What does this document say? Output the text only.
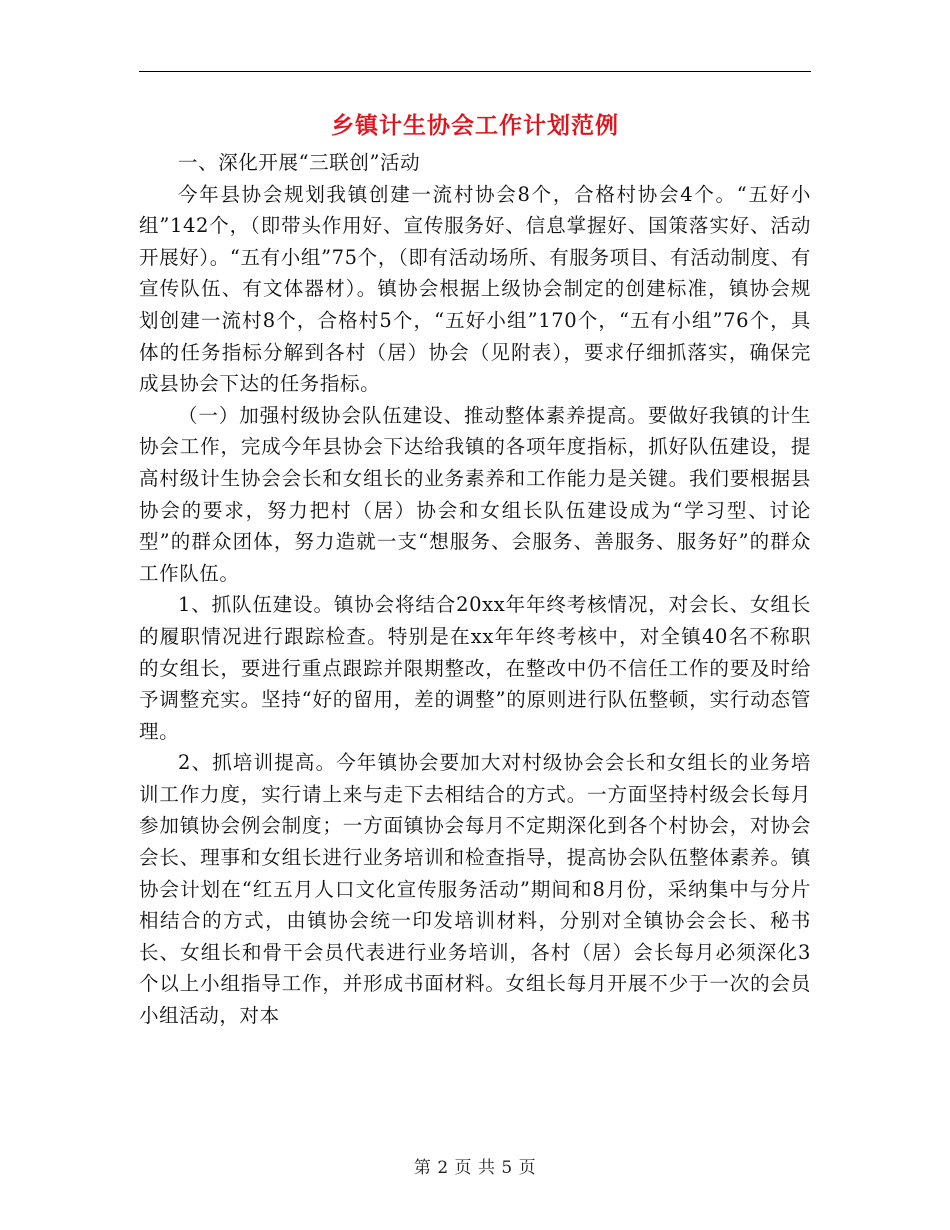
乡镇计生协会工作计划范例

一、深化开展“三联创”活动

今年县协会规划我镇创建一流村协会8个，合格村协会4个。“五好小组”142个，（即带头作用好、宣传服务好、信息掌握好、国策落实好、活动开展好）。“五有小组”75个，（即有活动场所、有服务项目、有活动制度、有宣传队伍、有文体器材）。镇协会根据上级协会制定的创建标准，镇协会规划创建一流村8个，合格村5个，“五好小组”170个，“五有小组”76个，具体的任务指标分解到各村（居）协会（见附表），要求仔细抓落实，确保完成县协会下达的任务指标。

（一）加强村级协会队伍建设、推动整体素养提高。要做好我镇的计生协会工作，完成今年县协会下达给我镇的各项年度指标，抓好队伍建设，提高村级计生协会会长和女组长的业务素养和工作能力是关键。我们要根据县协会的要求，努力把村（居）协会和女组长队伍建设成为“学习型、讨论型”的群众团体，努力造就一支“想服务、会服务、善服务、服务好”的群众工作队伍。

1、抓队伍建设。镇协会将结合20xx年年终考核情况，对会长、女组长的履职情况进行跟踪检查。特别是在xx年年终考核中，对全镇40名不称职的女组长，要进行重点跟踪并限期整改，在整改中仍不信任工作的要及时给予调整充实。坚持“好的留用，差的调整”的原则进行队伍整顿，实行动态管理。

2、抓培训提高。今年镇协会要加大对村级协会会长和女组长的业务培训工作力度，实行请上来与走下去相结合的方式。一方面坚持村级会长每月参加镇协会例会制度；一方面镇协会每月不定期深化到各个村协会，对协会会长、理事和女组长进行业务培训和检查指导，提高协会队伍整体素养。镇协会计划在“红五月人口文化宣传服务活动”期间和8月份，采纳集中与分片相结合的方式，由镇协会统一印发培训材料，分别对全镇协会会长、秘书长、女组长和骨干会员代表进行业务培训，各村（居）会长每月必须深化3个以上小组指导工作，并形成书面材料。女组长每月开展不少于一次的会员小组活动，对本

第 2 页 共 5 页
